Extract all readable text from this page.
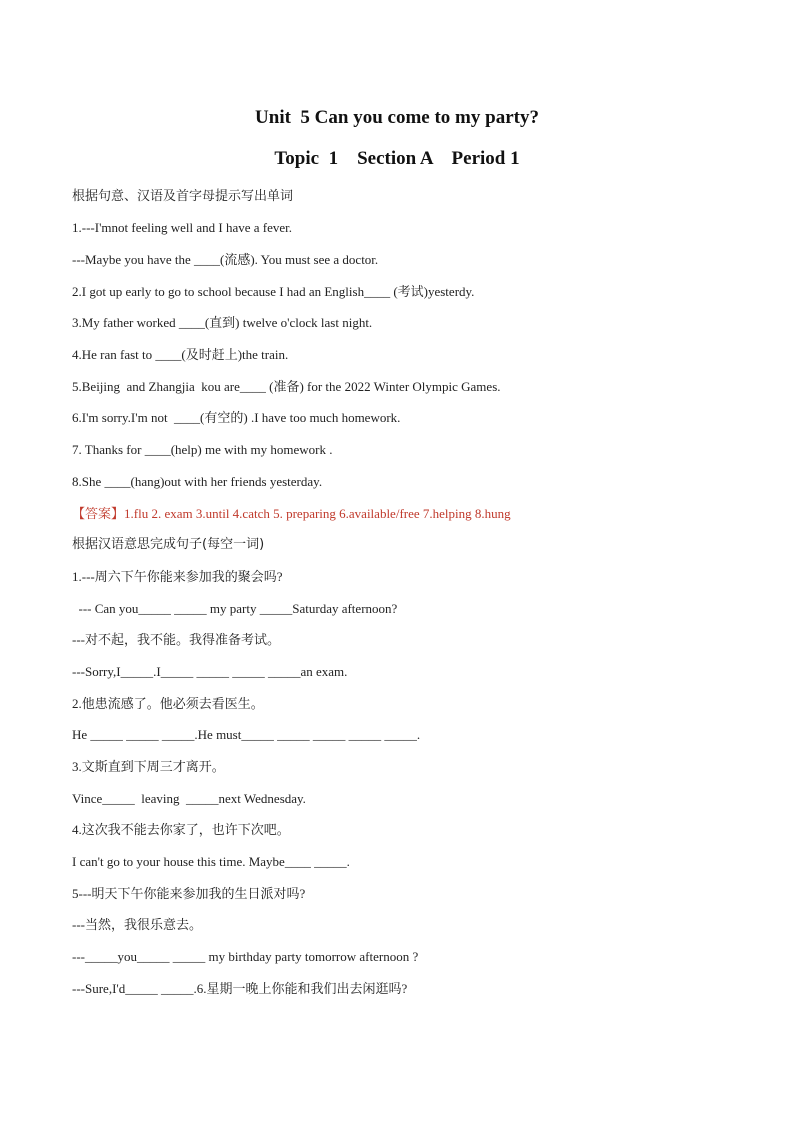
Unit  5 Can you come to my party?
Topic  1    Section A    Period 1
根据句意、汉语及首字母提示写出单词
1.---I'mnot feeling well and I have a fever.
---Maybe you have the ____(流感). You must see a doctor.
2.I got up early to go to school because I had an English____ (考试)yesterdy.
3.My father worked ____(直到) twelve o'clock last night.
4.He ran fast to ____(及时赶上)the train.
5.Beijing  and Zhangjia  kou are____ (准备) for the 2022 Winter Olympic Games.
6.I'm sorry.I'm not  ____(有空的) .I have too much homework.
7. Thanks for ____(help) me with my homework .
8.She ____(hang)out with her friends yesterday.
【答案】1.flu 2. exam 3.until 4.catch 5. preparing 6.available/free 7.helping 8.hung
根据汉语意思完成句子(每空一词)
1.---周六下午你能来参加我的聚会吗?
--- Can you_____ _____ my party _____Saturday afternoon?
---对不起，我不能。我得准备考试。
---Sorry,I_____.I_____ _____ _____ _____an exam.
2.他患流感了。他必须去看医生。
He _____ _____ _____.He must_____ _____ _____ _____ _____.
3.文斯直到下周三才离开。
Vince_____  leaving  _____next Wednesday.
4.这次我不能去你家了，也许下次吧。
I can't go to your house this time. Maybe____ _____.
5---明天下午你能来参加我的生日派对吗?
---当然，我很乐意去。
---_____you_____ _____ my birthday party tomorrow afternoon ?
---Sure,I'd_____ _____.6.星期一晚上你能和我们出去闲逛吗?
